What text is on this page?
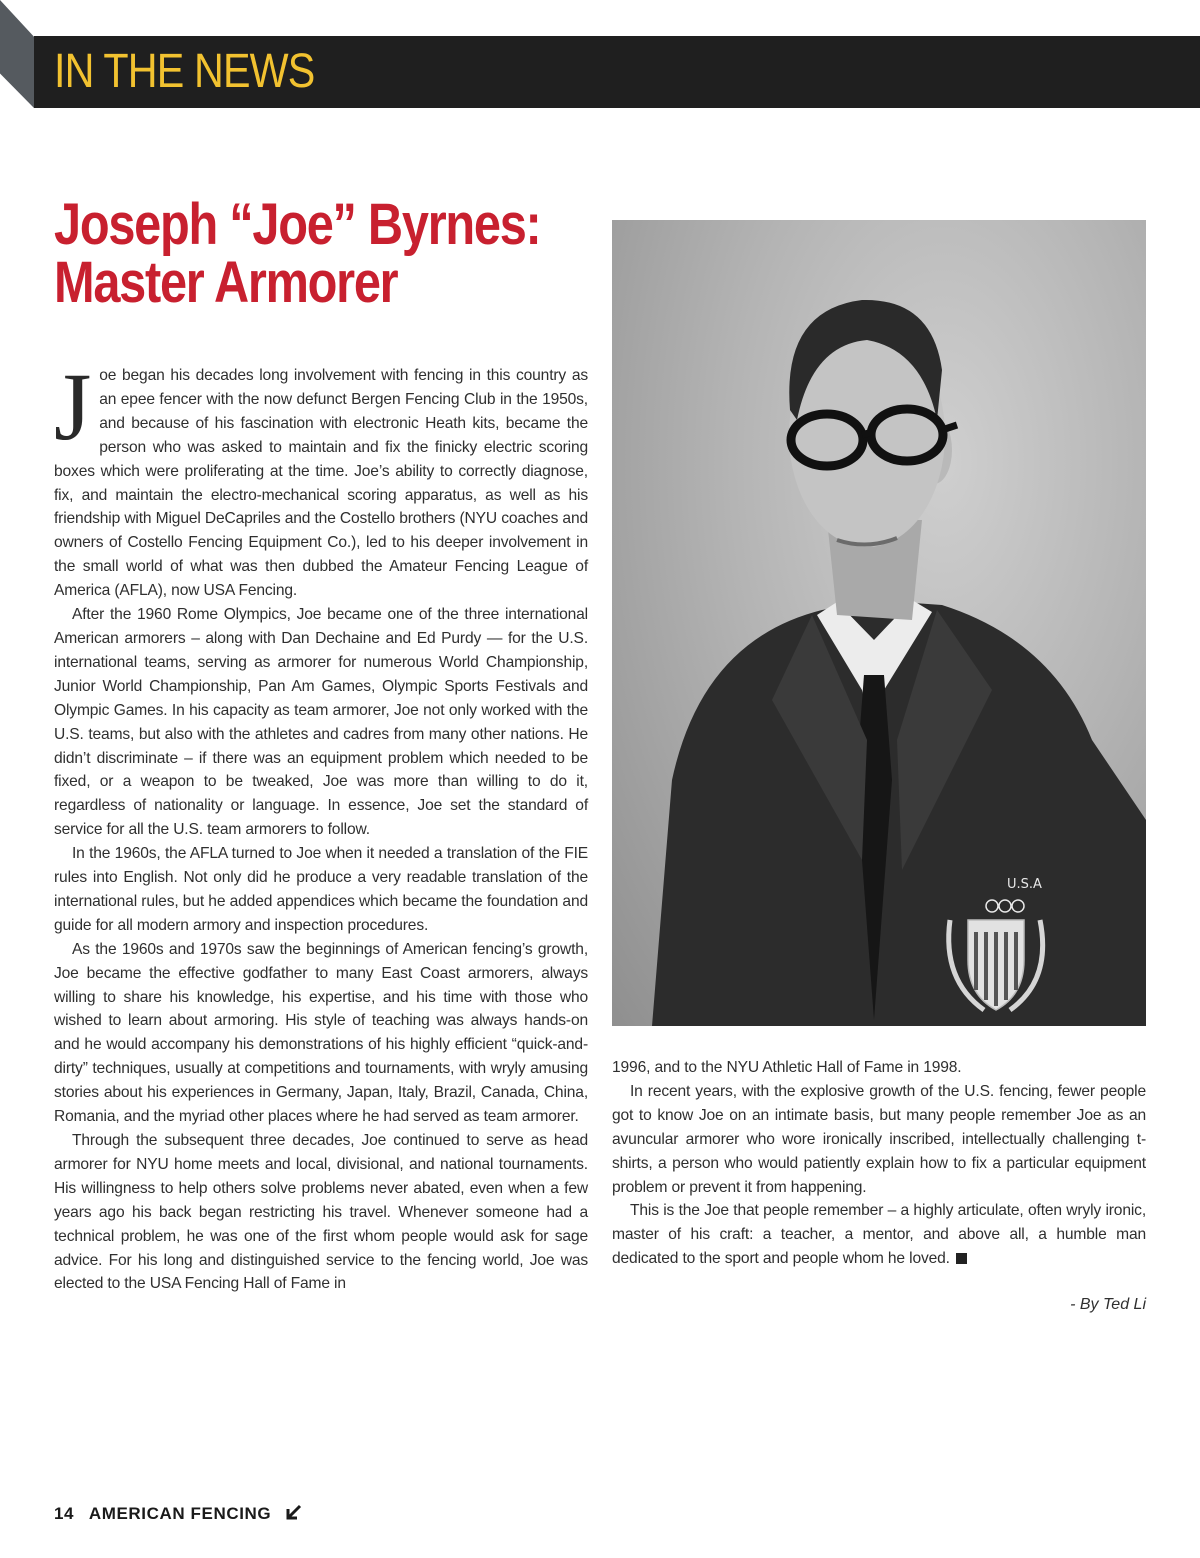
IN THE NEWS
Joseph “Joe” Byrnes:
Master Armorer

Joe began his decades long involvement with fencing in this country as an epee fencer with the now defunct Bergen Fencing Club in the 1950s, and because of his fascination with electronic Heath kits, became the person who was asked to maintain and fix the finicky electric scoring boxes which were proliferating at the time. Joe’s ability to correctly diagnose, fix, and maintain the electro-mechanical scoring apparatus, as well as his friendship with Miguel DeCapriles and the Costello brothers (NYU coaches and owners of Costello Fencing Equipment Co.), led to his deeper involvement in the small world of what was then dubbed the Amateur Fencing League of America (AFLA), now USA Fencing.

After the 1960 Rome Olympics, Joe became one of the three international American armorers – along with Dan Dechaine and Ed Purdy — for the U.S. international teams, serving as armorer for numerous World Championship, Junior World Championship, Pan Am Games, Olympic Sports Festivals and Olympic Games. In his capacity as team armorer, Joe not only worked with the U.S. teams, but also with the athletes and cadres from many other nations. He didn’t discriminate – if there was an equipment problem which needed to be fixed, or a weapon to be tweaked, Joe was more than willing to do it, regardless of nationality or language. In essence, Joe set the standard of service for all the U.S. team armorers to follow.

In the 1960s, the AFLA turned to Joe when it needed a translation of the FIE rules into English. Not only did he produce a very readable translation of the international rules, but he added appendices which became the foundation and guide for all modern armory and inspection procedures.

As the 1960s and 1970s saw the beginnings of American fencing’s growth, Joe became the effective godfather to many East Coast armorers, always willing to share his knowledge, his expertise, and his time with those who wished to learn about armoring. His style of teaching was always hands-on and he would accompany his demonstrations of his highly efficient “quick-and-dirty” techniques, usually at competitions and tournaments, with wryly amusing stories about his experiences in Germany, Japan, Italy, Brazil, Canada, China, Romania, and the myriad other places where he had served as team armorer.

Through the subsequent three decades, Joe continued to serve as head armorer for NYU home meets and local, divisional, and national tournaments. His willingness to help others solve problems never abated, even when a few years ago his back began restricting his travel. Whenever someone had a technical problem, he was one of the first whom people would ask for sage advice. For his long and distinguished service to the fencing world, Joe was elected to the USA Fencing Hall of Fame in

U.S.A

1996, and to the NYU Athletic Hall of Fame in 1998.

In recent years, with the explosive growth of the U.S. fencing, fewer people got to know Joe on an intimate basis, but many people remember Joe as an avuncular armorer who wore ironically inscribed, intellectually challenging t-shirts, a person who would patiently explain how to fix a particular equipment problem or prevent it from happening.

This is the Joe that people remember – a highly articulate, often wryly ironic, master of his craft: a teacher, a mentor, and above all, a humble man dedicated to the sport and people whom he loved.

- By Ted Li
14 AMERICAN FENCING
